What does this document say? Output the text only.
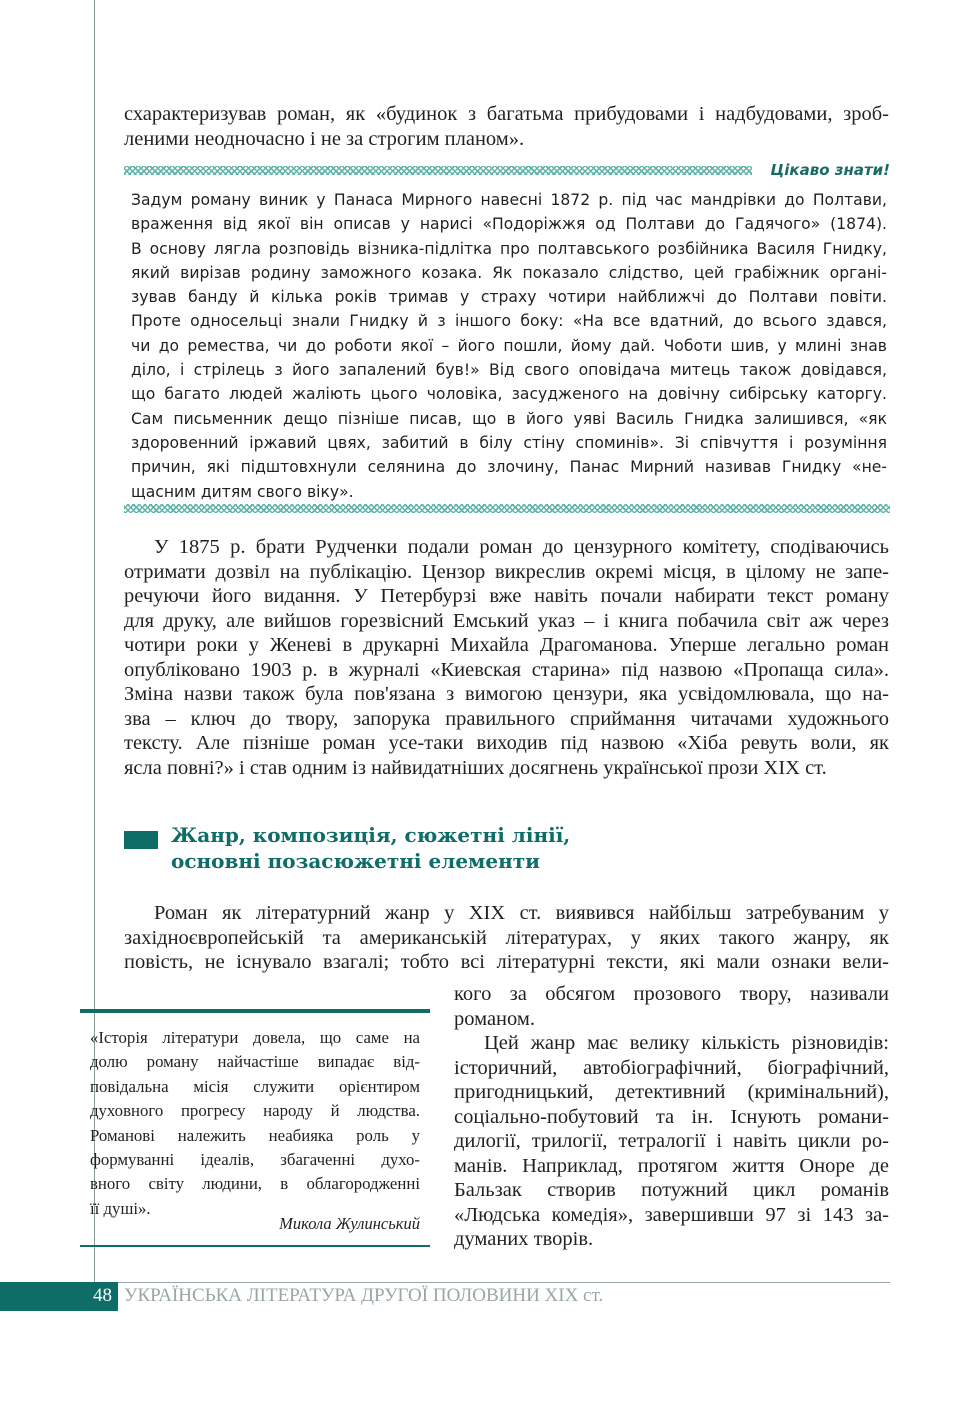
схарактеризував роман, як «будинок з багатьма прибудовами і надбудовами, зроб-

леними неодночасно і не за строгим планом».

Цікаво знати!

Задум роману виник у Панаса Мирного навесні 1872 р. під час мандрівки до Полтави,

враження від якої він описав у нарисі «Подоріжжя од Полтави до Гадячого» (1874).

В основу лягла розповідь візника-підлітка про полтавського розбійника Василя Гнидку,

який вирізав родину заможного козака. Як показало слідство, цей грабіжник органі-

зував банду й кілька років тримав у страху чотири найближчі до Полтави повіти.

Проте односельці знали Гнидку й з іншого боку: «На все вдатний, до всього здався,

чи до ремества, чи до роботи якої – його пошли, йому дай. Чоботи шив, у млині знав

діло, і стрілець з його запалений був!» Від свого оповідача митець також довідався,

що багато людей жаліють цього чоловіка, засудженого на довічну сибірську каторгу.

Сам письменник дещо пізніше писав, що в його уяві Василь Гнидка залишився, «як

здоровенний іржавий цвях, забитий в білу стіну споминів». Зі співчуття і розуміння

причин, які підштовхнули селянина до злочину, Панас Мирний називав Гнидку «не-

щасним дитям свого віку».

У 1875 р. брати Рудченки подали роман до цензурного комітету, сподіваючись

отримати дозвіл на публікацію. Цензор викреслив окремі місця, в цілому не запе-

речуючи його видання. У Петербурзі вже навіть почали набирати текст роману

для друку, але вийшов горезвісний Емський указ – і книга побачила світ аж через

чотири роки у Женеві в друкарні Михайла Драгоманова. Уперше легально роман

опубліковано 1903 р. в журналі «Киевская старина» під назвою «Пропаща сила».

Зміна назви також була пов'язана з вимогою цензури, яка усвідомлювала, що на-

зва – ключ до твору, запорука правильного сприймання читачами художнього

тексту. Але пізніше роман усе-таки виходив під назвою «Хіба ревуть воли, як

ясла повні?» і став одним із найвидатніших досягнень української прози XIX ст.

Жанр, композиція, сюжетні лінії,
основні позасюжетні елементи

Роман як літературний жанр у XIX ст. виявився найбільш затребуваним у

західноєвропейській та американській літературах, у яких такого жанру, як

повість, не існувало взагалі; тобто всі літературні тексти, які мали ознаки вели-

кого за обсягом прозового твору, називали

романом.

Цей жанр має велику кількість різновидів:

історичний, автобіографічний, біографічний,

пригодницький, детективний (кримінальний),

соціально-побутовий та ін. Існують романи-

дилогії, трилогії, тетралогії і навіть цикли ро-

манів. Наприклад, протягом життя Оноре де

Бальзак створив потужний цикл романів

«Людська комедія», завершивши 97 зі 143 за-

думаних творів.

«Історія літератури довела, що саме на

долю роману найчастіше випадає від-

повідальна місія служити орієнтиром

духовного прогресу народу й людства.

Романові належить неабияка роль у

формуванні ідеалів, збагаченні духо-

вного світу людини, в облагородженні

її душі».

Микола Жулинський
48 УКРАЇНСЬКА ЛІТЕРАТУРА ДРУГОЇ ПОЛОВИНИ XIX ст.
